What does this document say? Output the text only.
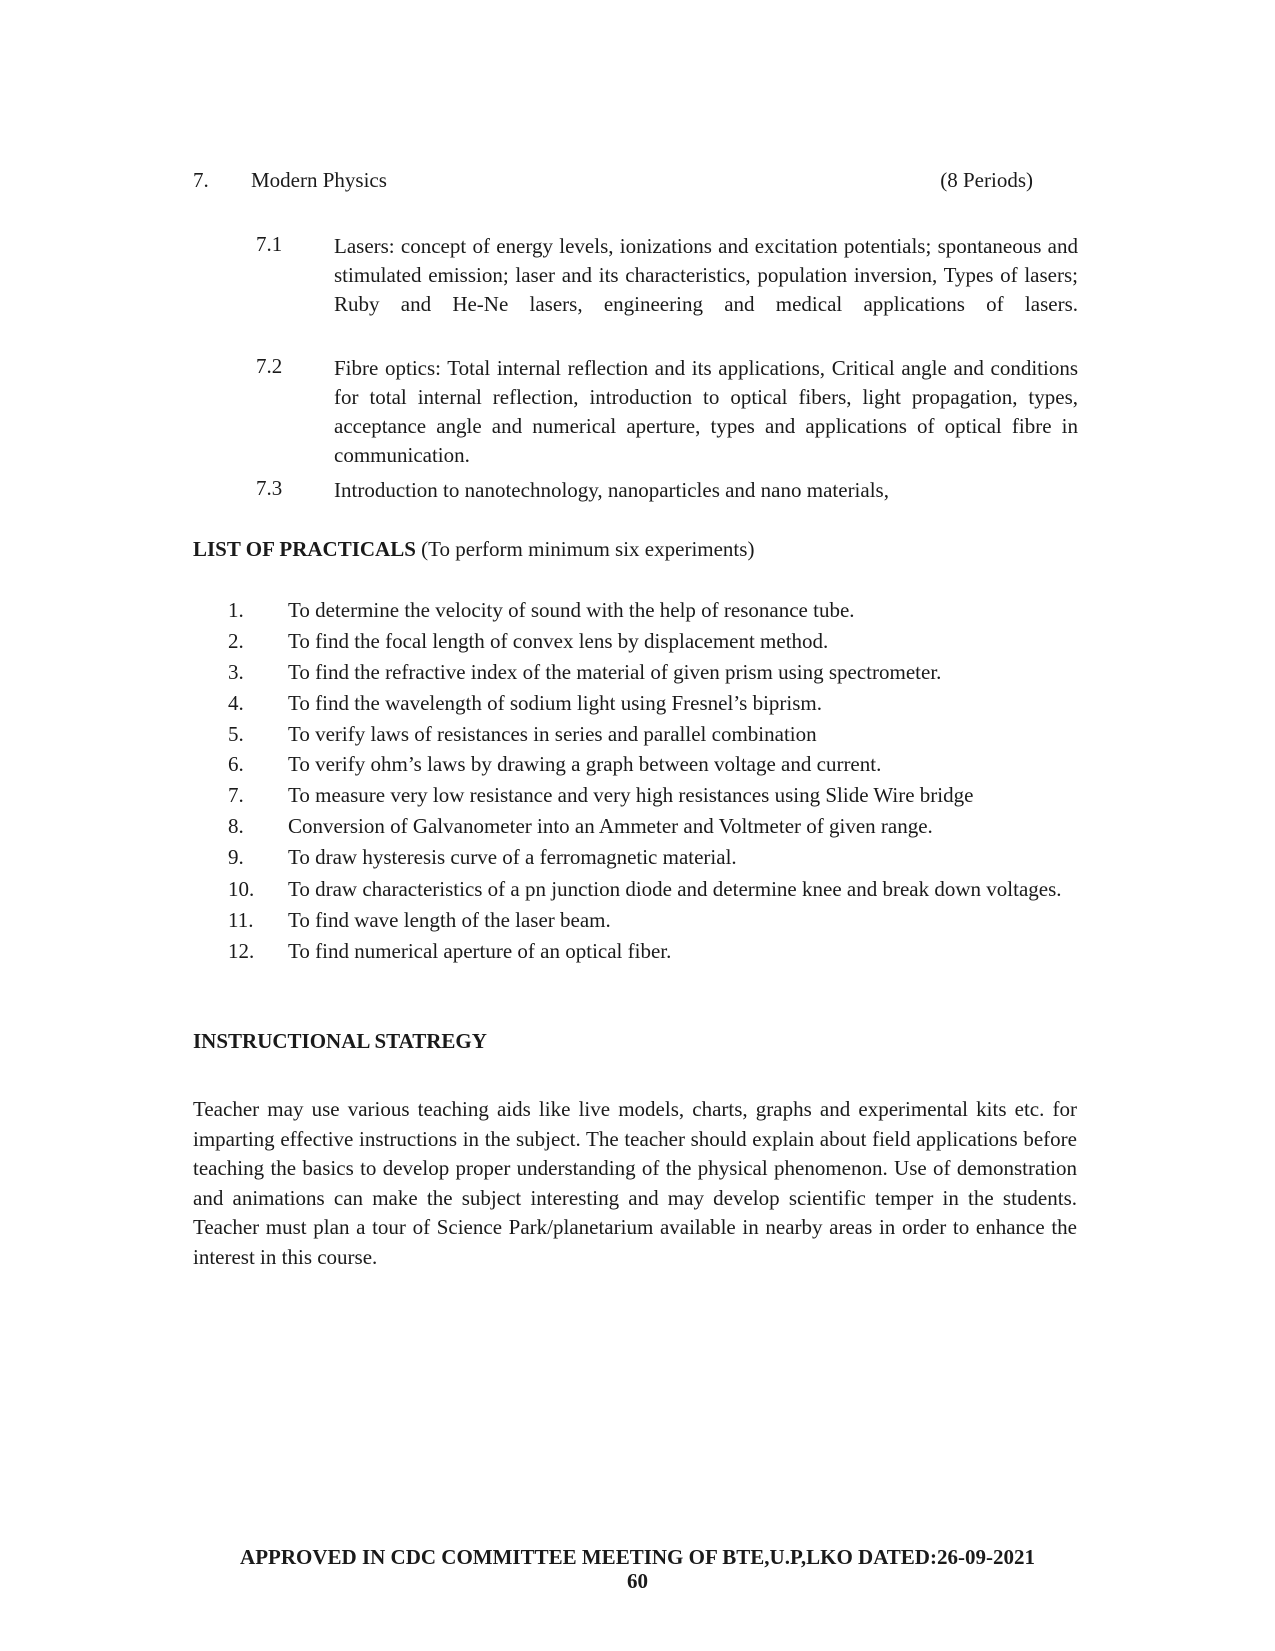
7. Modern Physics	(8 Periods)
7.1 Lasers: concept of energy levels, ionizations and excitation potentials; spontaneous and stimulated emission; laser and its characteristics, population inversion, Types of lasers; Ruby and He-Ne lasers, engineering and medical applications of lasers.
7.2 Fibre optics: Total internal reflection and its applications, Critical angle and conditions for total internal reflection, introduction to optical fibers, light propagation, types, acceptance angle and numerical aperture, types and applications of optical fibre in communication.
7.3 Introduction to nanotechnology, nanoparticles and nano materials,
LIST OF PRACTICALS (To perform minimum six experiments)
1. To determine the velocity of sound with the help of resonance tube.
2. To find the focal length of convex lens by displacement method.
3. To find the refractive index of the material of given prism using spectrometer.
4. To find the wavelength of sodium light using Fresnel’s biprism.
5. To verify laws of resistances in series and parallel combination
6. To verify ohm’s laws by drawing a graph between voltage and current.
7. To measure very low resistance and very high resistances using Slide Wire bridge
8. Conversion of Galvanometer into an Ammeter and Voltmeter of given range.
9. To draw hysteresis curve of a ferromagnetic material.
10. To draw characteristics of a pn junction diode and determine knee and break down voltages.
11. To find wave length of the laser beam.
12. To find numerical aperture of an optical fiber.
INSTRUCTIONAL STATREGY
Teacher may use various teaching aids like live models, charts, graphs and experimental kits etc. for imparting effective instructions in the subject. The teacher should explain about field applications before teaching the basics to develop proper understanding of the physical phenomenon. Use of demonstration and animations can make the subject interesting and may develop scientific temper in the students. Teacher must plan a tour of Science Park/planetarium available in nearby areas in order to enhance the interest in this course.
APPROVED IN CDC COMMITTEE MEETING OF BTE,U.P,LKO DATED:26-09-2021
60
